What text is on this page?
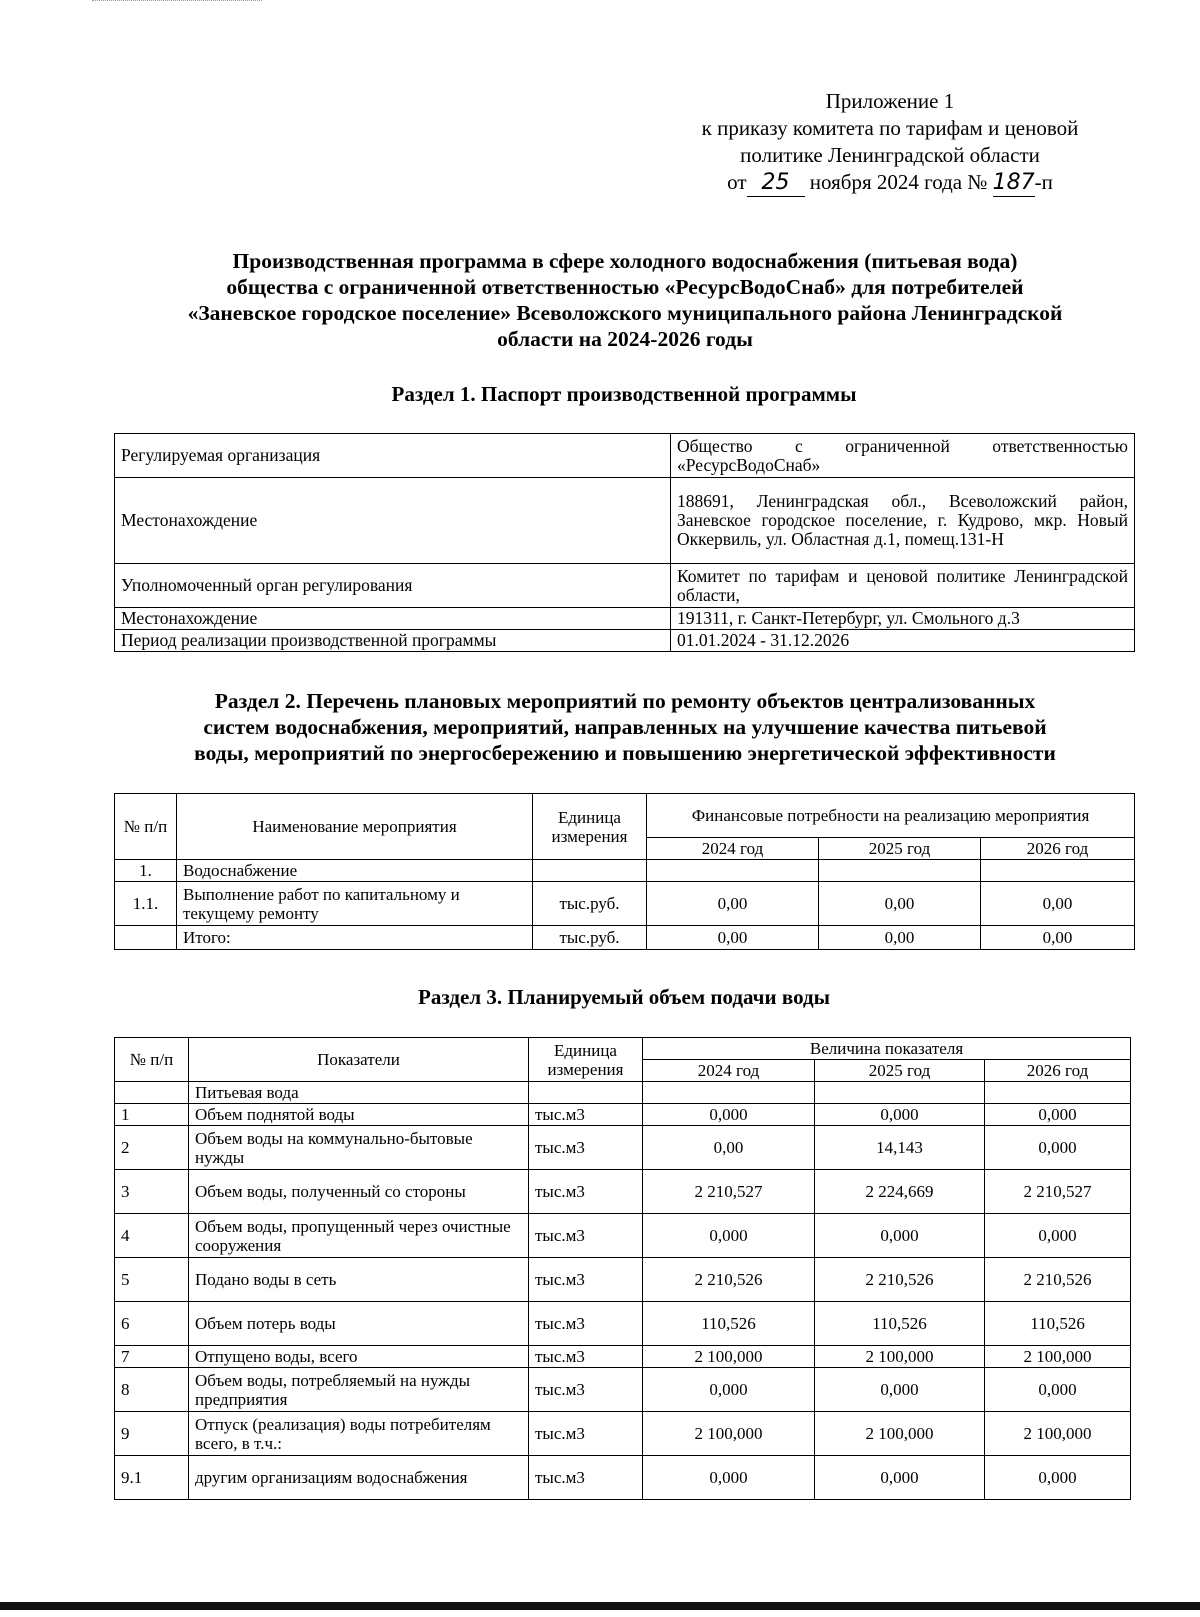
Приложение 1
к приказу комитета по тарифам и ценовой
политике Ленинградской области
от 25 ноября 2024 года № 187-п
Производственная программа в сфере холодного водоснабжения (питьевая вода)
общества с ограниченной ответственностью «РесурсВодоСнаб» для потребителей
«Заневское городское поселение» Всеволожского муниципального района Ленинградской
области на 2024-2026 годы
Раздел 1. Паспорт производственной программы
Регулируемая организация	Общество с ограниченной ответственностью «РесурсВодоСнаб»
Местонахождение	188691, Ленинградская обл., Всеволожский район, Заневское городское поселение, г. Кудрово, мкр. Новый Оккервиль, ул. Областная д.1, помещ.131-Н
Уполномоченный орган регулирования	Комитет по тарифам и ценовой политике Ленинградской области,
Местонахождение	191311, г. Санкт-Петербург, ул. Смольного д.3
Период реализации производственной программы	01.01.2024 - 31.12.2026
Раздел 2. Перечень плановых мероприятий по ремонту объектов централизованных
систем водоснабжения, мероприятий, направленных на улучшение качества питьевой
воды, мероприятий по энергосбережению и повышению энергетической эффективности
№ п/п	Наименование мероприятия	Единица измерения	Финансовые потребности на реализацию мероприятия		
			2024 год	2025 год	2026 год
1.	Водоснабжение				
1.1.	Выполнение работ по капитальному и текущему ремонту	тыс.руб.	0,00	0,00	0,00
	Итого:	тыс.руб.	0,00	0,00	0,00
Раздел 3. Планируемый объем подачи воды
№ п/п	Показатели	Единица измерения	Величина показателя		
			2024 год	2025 год	2026 год
	Питьевая вода				
1	Объем поднятой воды	тыс.м3	0,000	0,000	0,000
2	Объем воды на коммунально-бытовые нужды	тыс.м3	0,00	14,143	0,000
3	Объем воды, полученный со стороны	тыс.м3	2 210,527	2 224,669	2 210,527
4	Объем воды, пропущенный через очистные сооружения	тыс.м3	0,000	0,000	0,000
5	Подано воды в сеть	тыс.м3	2 210,526	2 210,526	2 210,526
6	Объем потерь воды	тыс.м3	110,526	110,526	110,526
7	Отпущено воды, всего	тыс.м3	2 100,000	2 100,000	2 100,000
8	Объем воды, потребляемый на нужды предприятия	тыс.м3	0,000	0,000	0,000
9	Отпуск (реализация) воды потребителям всего, в т.ч.:	тыс.м3	2 100,000	2 100,000	2 100,000
9.1	другим организациям водоснабжения	тыс.м3	0,000	0,000	0,000
